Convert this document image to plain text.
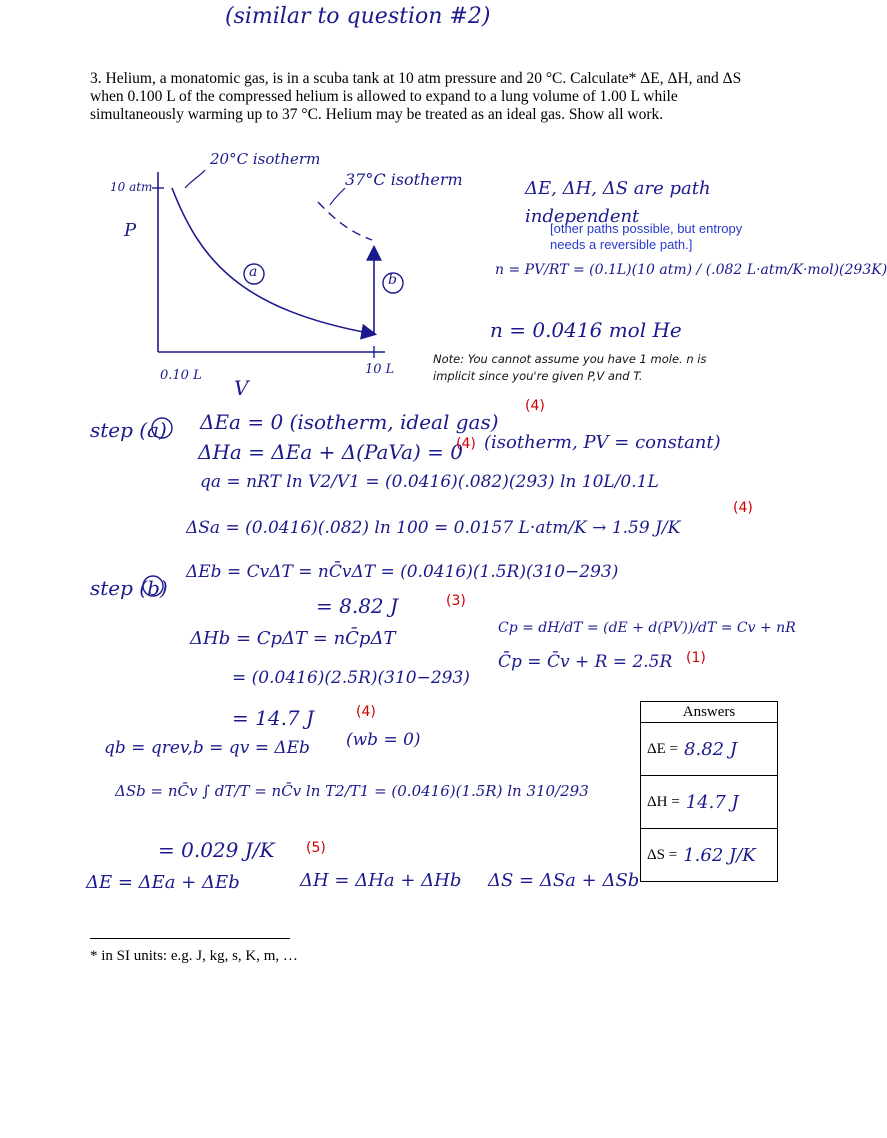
(similar to question #2)
3. Helium, a monatomic gas, is in a scuba tank at 10 atm pressure and 20 °C. Calculate* ΔE, ΔH, and ΔS when 0.100 L of the compressed helium is allowed to expand to a lung volume of 1.00 L while simultaneously warming up to 37 °C. Helium may be treated as an ideal gas. Show all work.
20°C isotherm
37°C isotherm
10 atm
P
0.10 L	10 L
V
a	b
ΔE, ΔH, ΔS are path independent
[other paths possible, but entropy
needs a reversible path.]
n = PV/RT = (0.1L)(10 atm) / (.082 L·atm/K·mol)(293K)
n = 0.0416 mol He
Note: You cannot assume you have 1 mole. n is
implicit since you're given P,V and T.
step (a) ΔEa = 0 (isotherm, ideal gas)
(4)
ΔHa = ΔEa + Δ(PaVa) = 0
(4) (isotherm, PV = constant)
qa = nRT ln V2/V1 = (0.0416)(.082)(293) ln 10L/0.1L
ΔSa = (0.0416)(.082) ln 100 = 0.0157 L·atm/K → 1.59 J/K
(4)
step (b)
ΔEb = CvΔT = nC̄vΔT = (0.0416)(1.5R)(310−293)
= 8.82 J	(3)
ΔHb = CpΔT = nC̄pΔT
= (0.0416)(2.5R)(310−293)
= 14.7 J	(4)
Cp = dH/dT = (dE + d(PV))/dT = Cv + nR
C̄p = C̄v + R = 2.5R (1)
qb = qrev,b = qv = ΔEb (wb = 0)
ΔSb = nC̄v ∫ dT/T = nC̄v ln T2/T1 = (0.0416)(1.5R) ln 310/293
= 0.029 J/K (5)
ΔE = ΔEa + ΔEb	ΔH = ΔHa + ΔHb ΔS = ΔSa + ΔSb
Answers
ΔE = 8.82 J
ΔH = 14.7 J
ΔS = 1.62 J/K
* in SI units: e.g. J, kg, s, K, m, …
